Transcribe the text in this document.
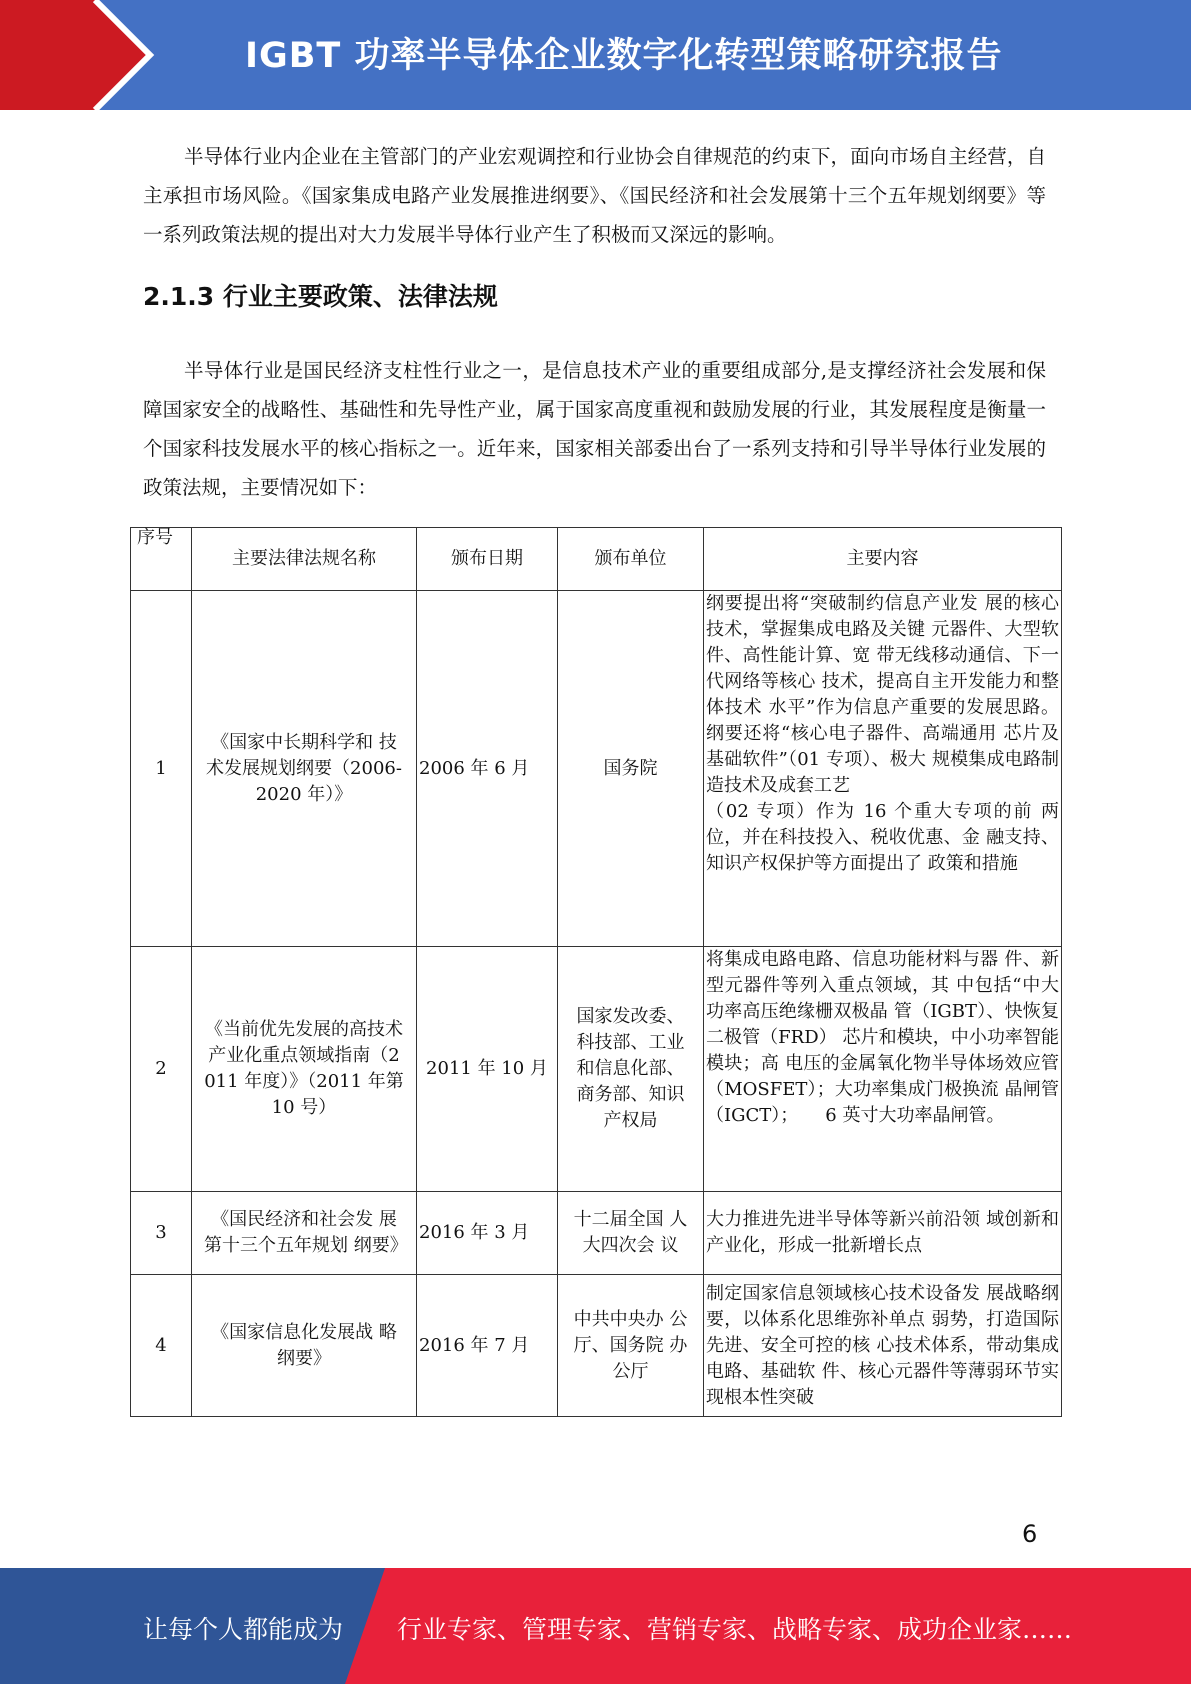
IGBT 功率半导体企业数字化转型策略研究报告

半导体行业内企业在主管部门的产业宏观调控和行业协会自律规范的约束下，面向市场自主经营，自主承担市场风险。《国家集成电路产业发展推进纲要》、《国民经济和社会发展第十三个五年规划纲要》等一系列政策法规的提出对大力发展半导体行业产生了积极而又深远的影响。

2.1.3 行业主要政策、法律法规

半导体行业是国民经济支柱性行业之一，是信息技术产业的重要组成部分,是支撑经济社会发展和保障国家安全的战略性、基础性和先导性产业，属于国家高度重视和鼓励发展的行业，其发展程度是衡量一个国家科技发展水平的核心指标之一。近年来，国家相关部委出台了一系列支持和引导半导体行业发展的政策法规，主要情况如下：

序号	主要法律法规名称	颁布日期	颁布单位	主要内容
1	《国家中长期科学和 技术发展规划纲要（2006-2020 年）》	2006 年 6 月	国务院	纲要提出将“突破制约信息产业发 展的核心技术，掌握集成电路及关键 元器件、大型软件、高性能计算、宽 带无线移动通信、下一代网络等核心 技术，提高自主开发能力和整体技术 水平”作为信息产重要的发展思路。 纲要还将“核心电子器件、高端通用 芯片及基础软件”（01 专项）、极大 规模集成电路制造技术及成套工艺
（02 专项）作为 16 个重大专项的前 两位，并在科技投入、税收优惠、金 融支持、知识产权保护等方面提出了 政策和措施

2	《当前优先发展的高技术产业化重点领域指南（2011 年度）》（2011 年第 10 号）	2011 年 10 月	国家发改委、科技部、工业和信息化部、商务部、知识产权局	将集成电路电路、信息功能材料与器 件、新型元器件等列入重点领域，其 中包括“中大功率高压绝缘栅双极晶 管（IGBT）、快恢复二极管（FRD） 芯片和模块，中小功率智能模块；高 电压的金属氧化物半导体场效应管（MOSFET）；大功率集成门极换流 晶闸管（IGCT）；　　6 英寸大功率晶闸管。
3	《国民经济和社会发 展第十三个五年规划 纲要》	2016 年 3 月	十二届全国 人大四次会 议	大力推进先进半导体等新兴前沿领 域创新和产业化，形成一批新增长点
4	《国家信息化发展战 略纲要》	2016 年 7 月	中共中央办 公厅、国务院 办公厅	制定国家信息领域核心技术设备发 展战略纲要，以体系化思维弥补单点 弱势，打造国际先进、安全可控的核 心技术体系，带动集成电路、基础软 件、核心元器件等薄弱环节实现根本性突破
6
让每个人都能成为 行业专家、管理专家、营销专家、战略专家、成功企业家……
